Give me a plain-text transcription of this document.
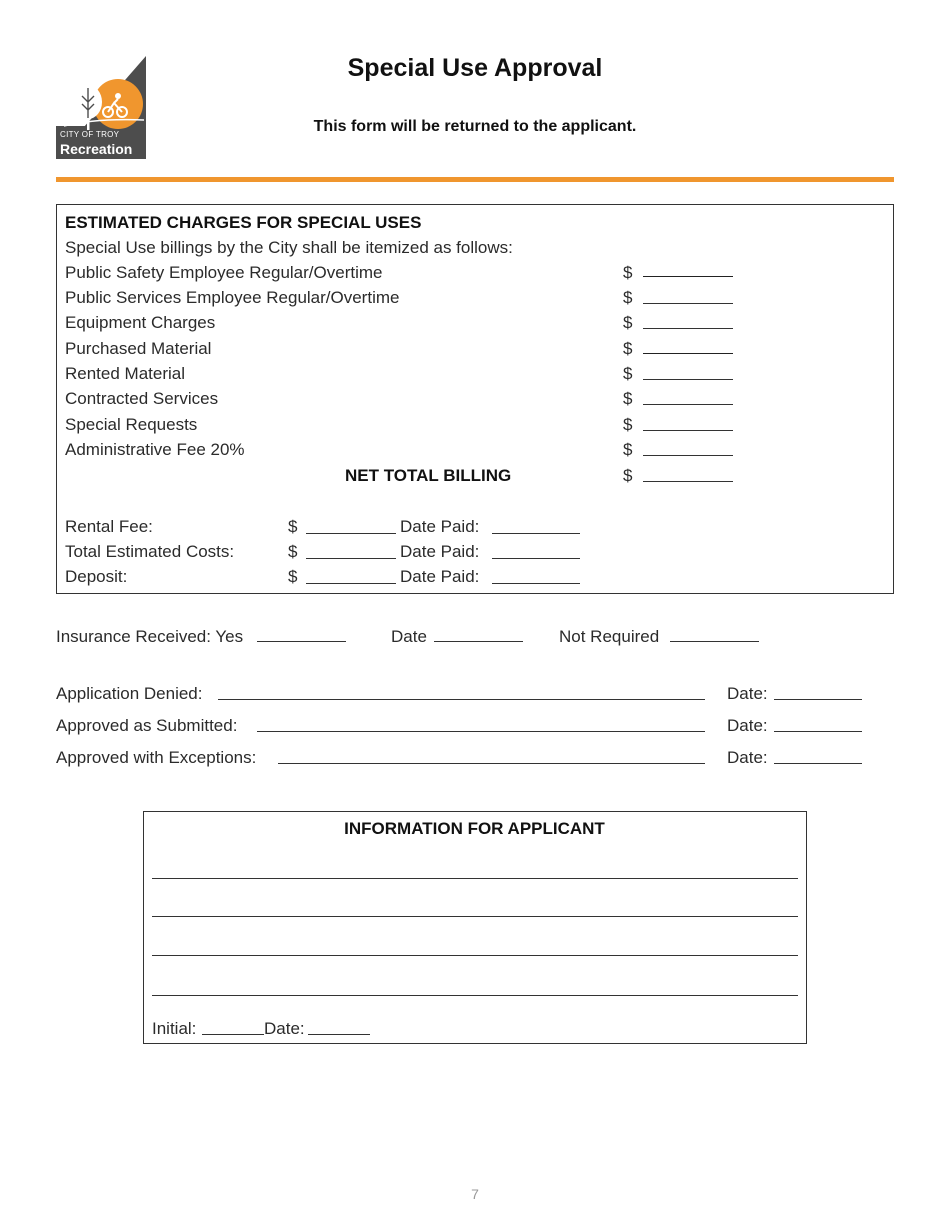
CITY OF TROY
Recreation
Special Use Approval
This form will be returned to the applicant.
ESTIMATED CHARGES FOR SPECIAL USES
Special Use billings by the City shall be itemized as follows:
Public Safety Employee Regular/Overtime	$
Public Services Employee Regular/Overtime	$
Equipment Charges	$
Purchased Material	$
Rented Material	$
Contracted Services	$
Special Requests	$
Administrative Fee 20%	$
NET TOTAL BILLING	$
Rental Fee:	$	Date Paid:
Total Estimated Costs:	$	Date Paid:
Deposit:	$	Date Paid:
Insurance Received: Yes	Date	Not Required
Application Denied:	Date:
Approved as Submitted:	Date:
Approved with Exceptions:	Date:
INFORMATION FOR APPLICANT
Initial:	Date:
7
